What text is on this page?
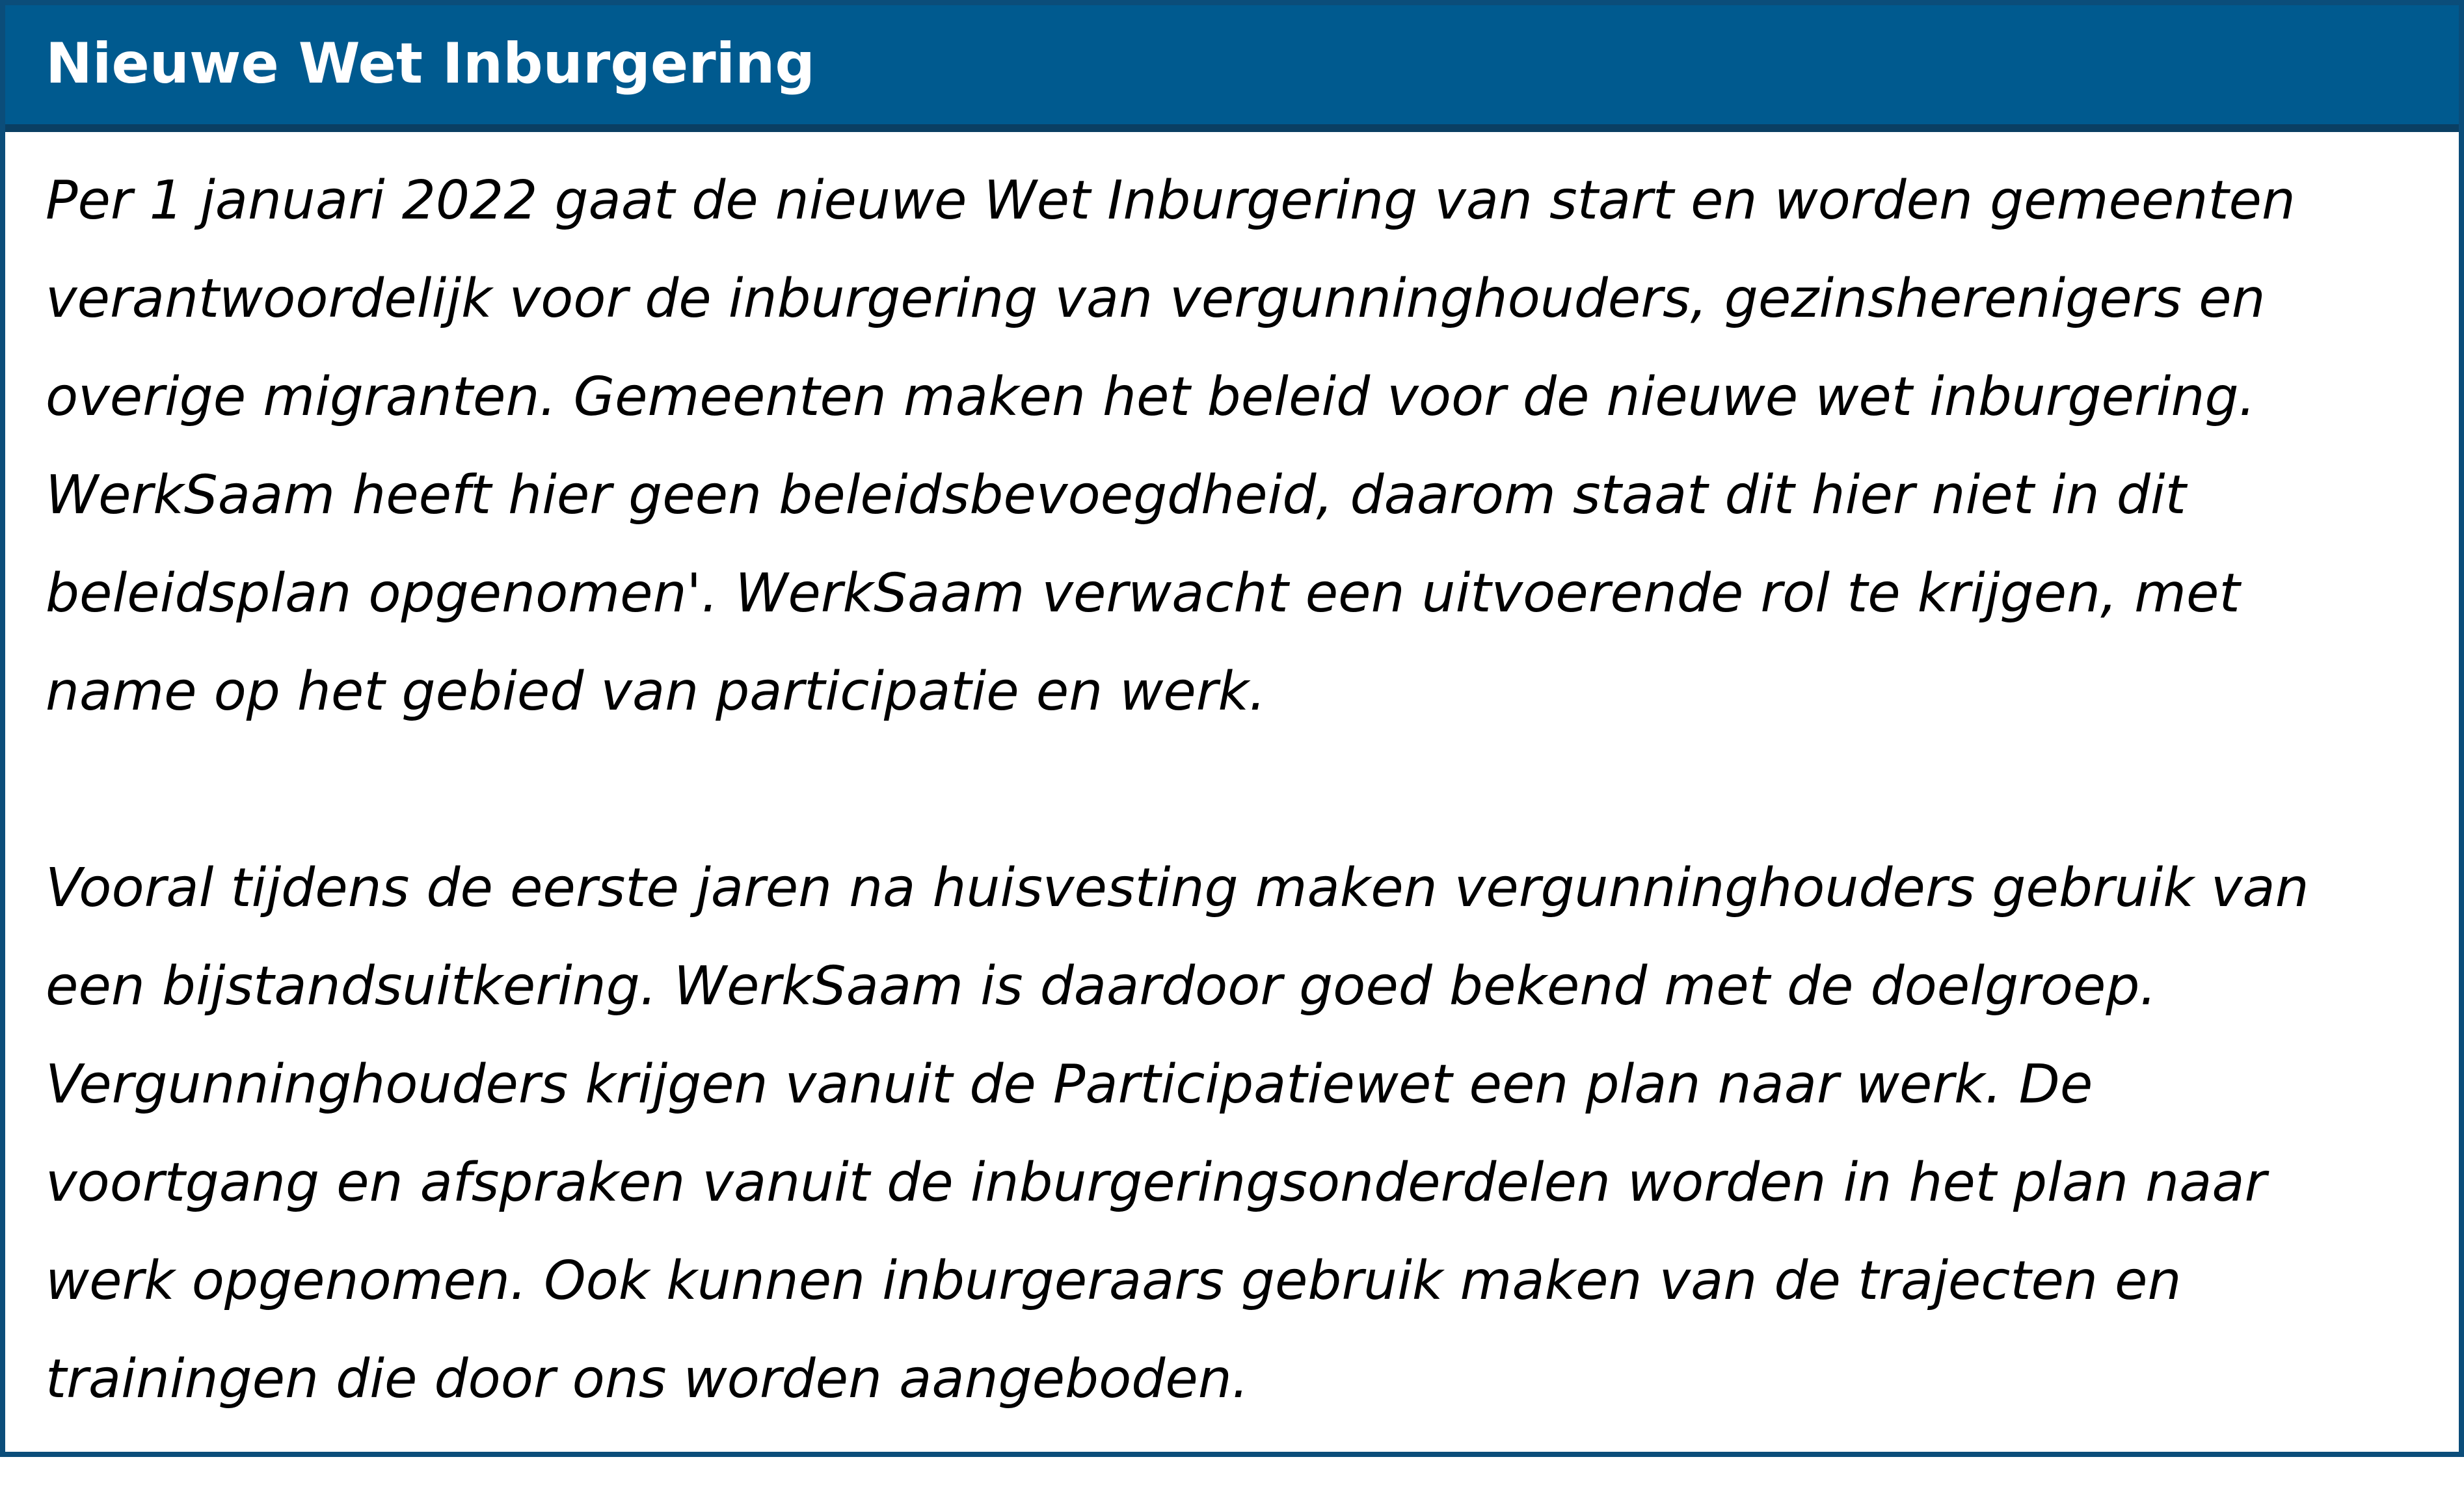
Nieuwe Wet Inburgering

Per 1 januari 2022 gaat de nieuwe Wet Inburgering van start en worden gemeenten
verantwoordelijk voor de inburgering van vergunninghouders, gezinsherenigers en
overige migranten. Gemeenten maken het beleid voor de nieuwe wet inburgering.
WerkSaam heeft hier geen beleidsbevoegdheid, daarom staat dit hier niet in dit
beleidsplan opgenomen'. WerkSaam verwacht een uitvoerende rol te krijgen, met
name op het gebied van participatie en werk.

Vooral tijdens de eerste jaren na huisvesting maken vergunninghouders gebruik van
een bijstandsuitkering. WerkSaam is daardoor goed bekend met de doelgroep.
Vergunninghouders krijgen vanuit de Participatiewet een plan naar werk. De
voortgang en afspraken vanuit de inburgeringsonderdelen worden in het plan naar
werk opgenomen. Ook kunnen inburgeraars gebruik maken van de trajecten en
trainingen die door ons worden aangeboden.
